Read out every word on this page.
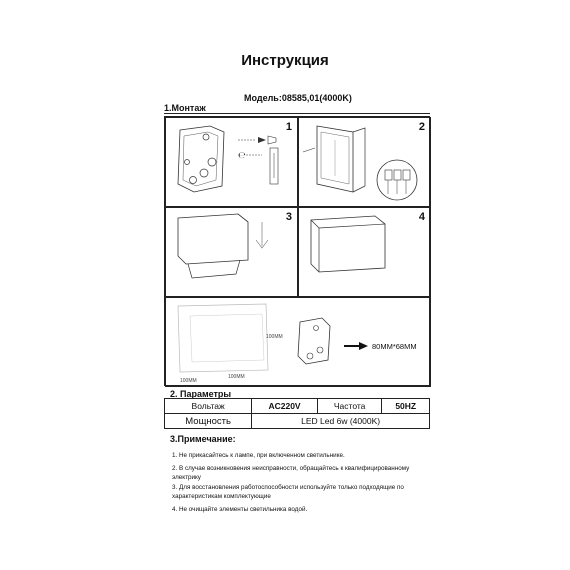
Инструкция
Модель:08585,01(4000K)
1.Монтаж
1
℮
2
3	4
100MM
100MM
100MM
80MM*68MM
2. Параметры
Вольтаж	AC220V	Частота	50HZ
Мощность	LED Led 6w (4000K)		
3.Примечание:
1. Не прикасайтесь к лампе, при включенном светильнике.
2. В случае возникновения неисправности, обращайтесь к квалифицированному электрику
3. Для восстановления работоспособности используйте только подходящие по характеристикам комплектующие
4. Не очищайте элементы светильника водой.
